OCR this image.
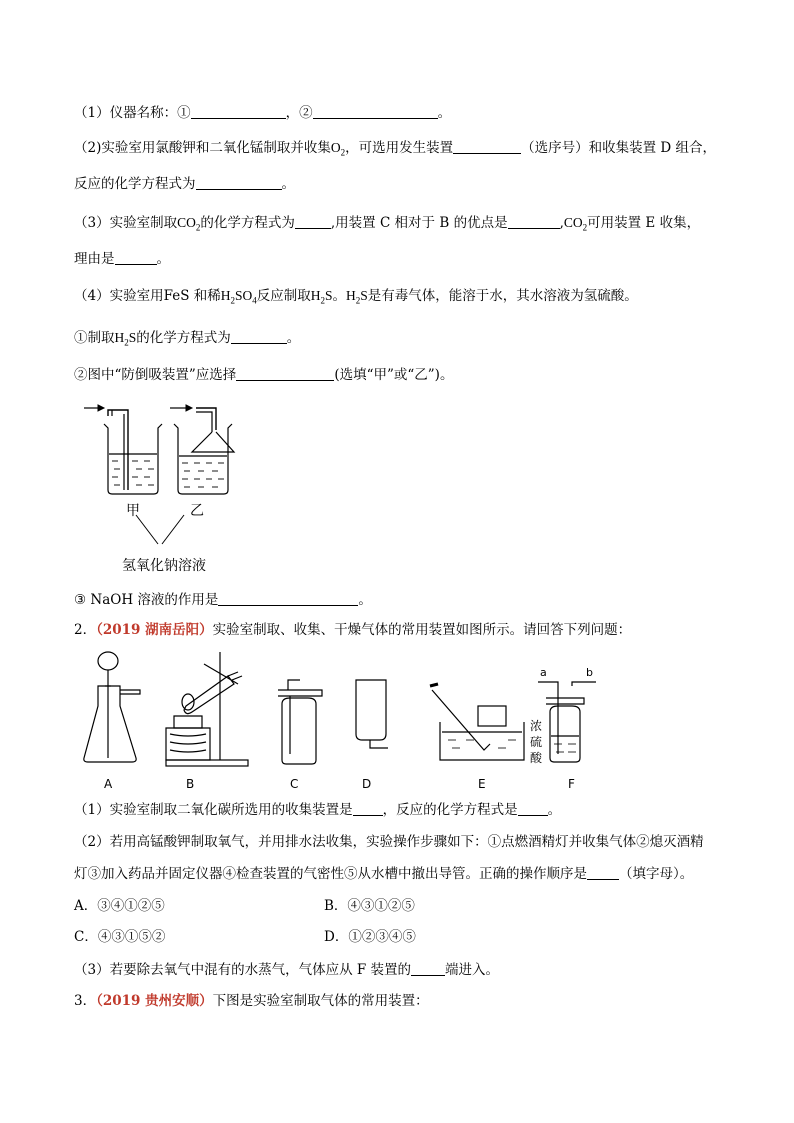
（1）仪器名称：①	，②	。
（2)实验室用氯酸钾和二氧化锰制取并收集$O_2$，可选用发生装置	（选序号）和收集装置 D 组合，
反应的化学方程式为	。
（3）实验室制取$CO_2$的化学方程式为	,用装置 C 相对于 B 的优点是	$,CO_2$可用装置 E 收集，
理由是	。
（4）实验室用FeS 和稀$H_2SO_4$反应制取$H_2S$。$H_2S$是有毒气体，能溶于水，其水溶液为氢硫酸。
①制取$H_2S$的化学方程式为	。
②图中“防倒吸装置”应选择	(选填“甲”或“乙”)。
甲	乙
氢氧化钠溶液
③ NaOH 溶液的作用是	。
2．（2019 湖南岳阳）实验室制取、收集、干燥气体的常用装置如图所示。请回答下列问题：
a	b
浓
硫
酸
A	B	C	D	E	F
（1）实验室制取二氧化碳所选用的收集装置是 ，反应的化学方程式是 。
（2）若用高锰酸钾制取氧气，并用排水法收集，实验操作步骤如下：①点燃酒精灯并收集气体②熄灭酒精
灯③加入药品并固定仪器④检查装置的气密性⑤从水槽中撤出导管。正确的操作顺序是 （填字母）。
A．③④①②⑤	B．④③①②⑤
C．④③①⑤②	D．①②③④⑤
（3）若要除去氧气中混有的水蒸气，气体应从 F 装置的	端进入。
3．（2019 贵州安顺）下图是实验室制取气体的常用装置：
